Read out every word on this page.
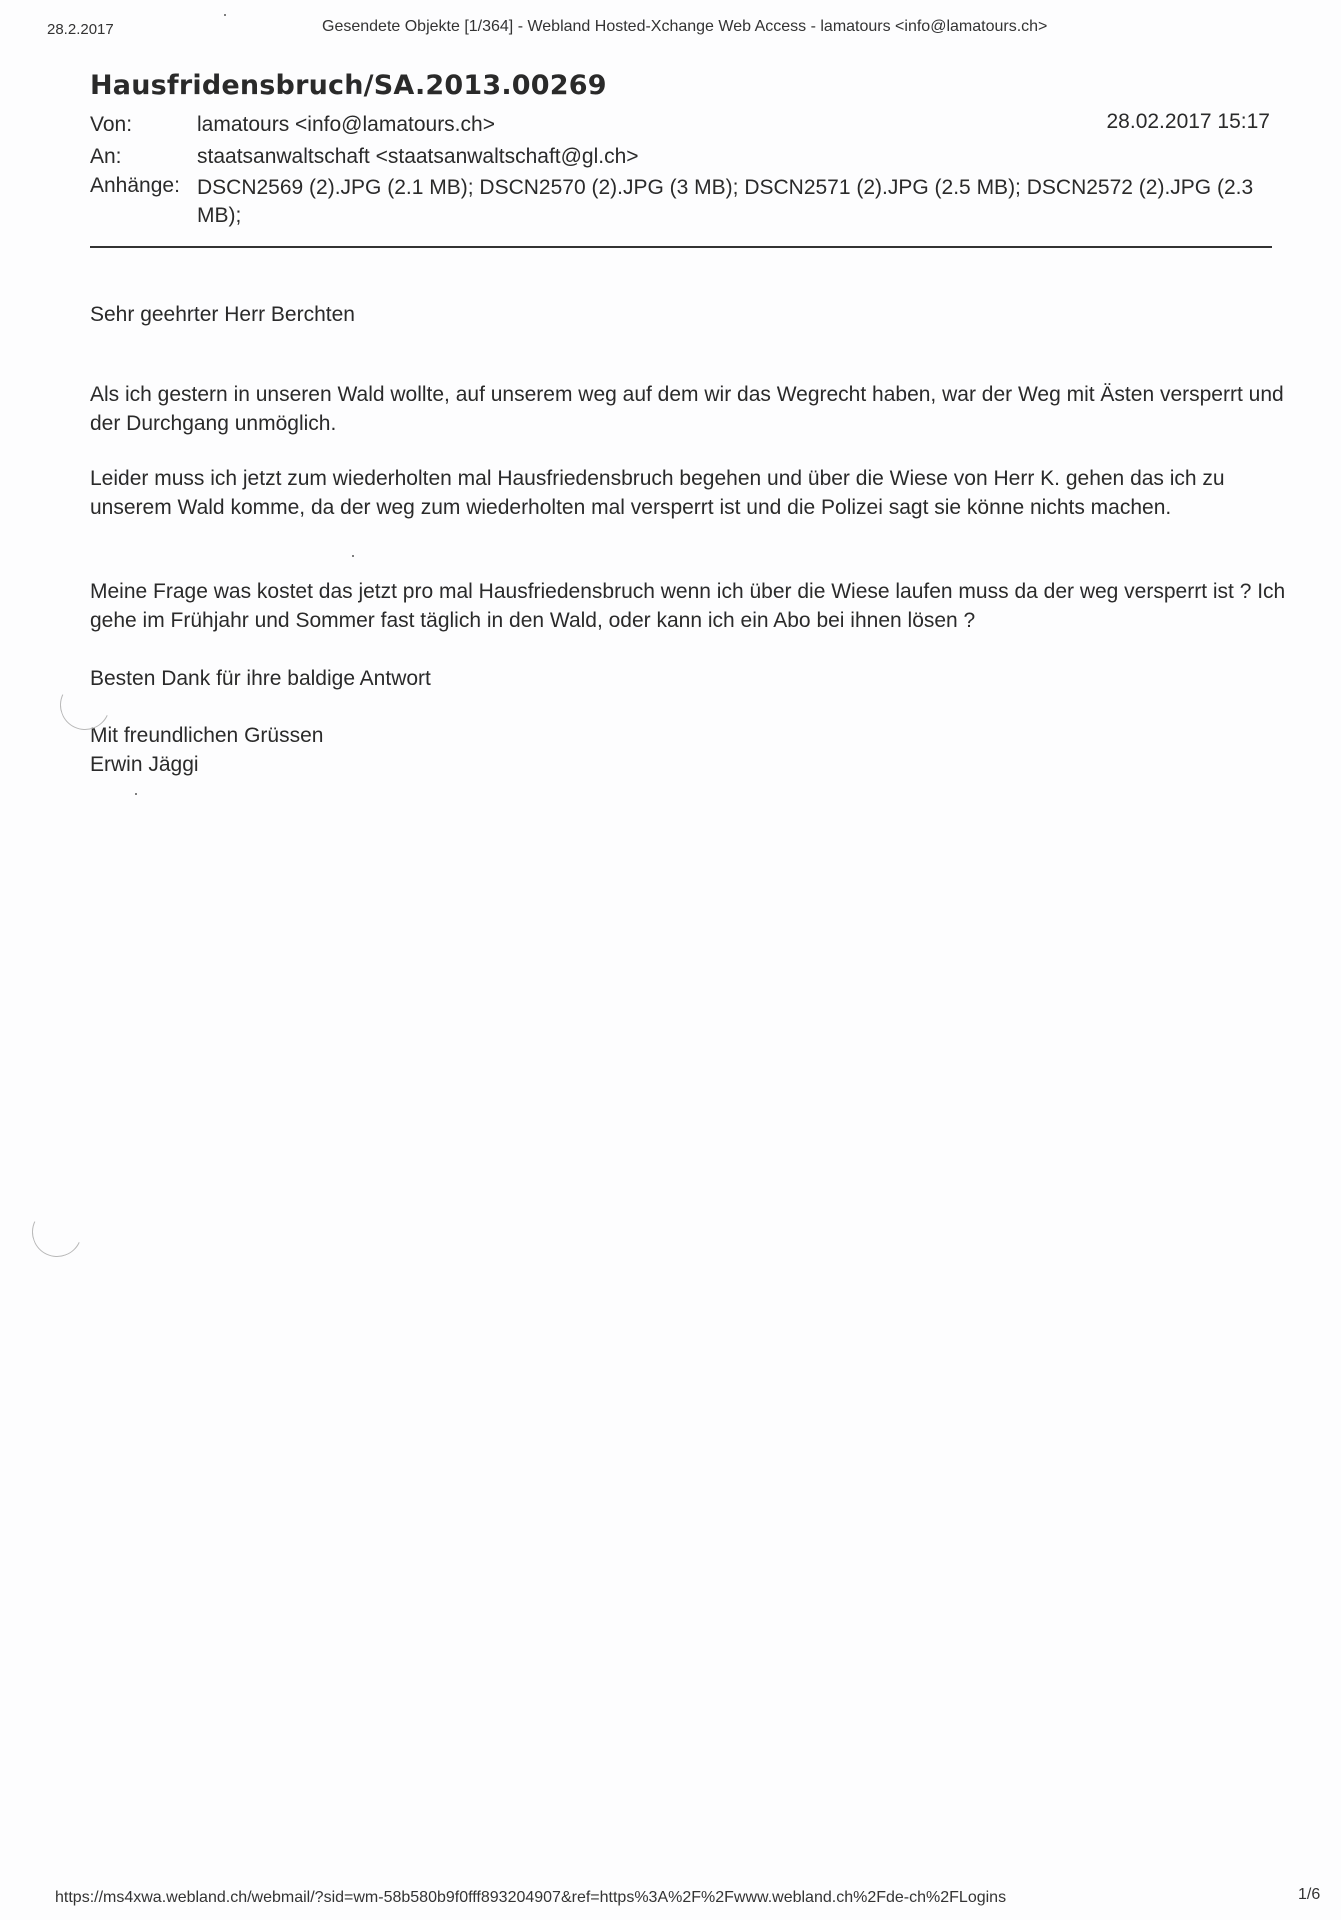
28.2.2017	Gesendete Objekte [1/364] - Webland Hosted-Xchange Web Access - lamatours <info@lamatours.ch>
Hausfridensbruch/SA.2013.00269
Von:	lamatours <info@lamatours.ch>	28.02.2017 15:17
An:	staatsanwaltschaft <staatsanwaltschaft@gl.ch>
Anhänge: DSCN2569 (2).JPG (2.1 MB); DSCN2570 (2).JPG (3 MB); DSCN2571 (2).JPG (2.5 MB); DSCN2572 (2).JPG (2.3 MB);
Sehr geehrter Herr Berchten
Als ich gestern in unseren Wald wollte, auf unserem weg auf dem wir das Wegrecht haben, war der Weg mit Ästen versperrt und der Durchgang unmöglich.
Leider muss ich jetzt zum wiederholten mal Hausfriedensbruch begehen und über die Wiese von Herr K. gehen das ich zu unserem Wald komme, da der weg zum wiederholten mal versperrt ist und die Polizei sagt sie könne nichts machen.
Meine Frage was kostet das jetzt pro mal Hausfriedensbruch wenn ich über die Wiese laufen muss da der weg versperrt ist ? Ich gehe im Frühjahr und Sommer fast täglich in den Wald, oder kann ich ein Abo bei ihnen lösen ?
Besten Dank für ihre baldige Antwort
Mit freundlichen Grüssen
Erwin Jäggi
https://ms4xwa.webland.ch/webmail/?sid=wm-58b580b9f0fff893204907&ref=https%3A%2F%2Fwww.webland.ch%2Fde-ch%2FLogins	1/6
